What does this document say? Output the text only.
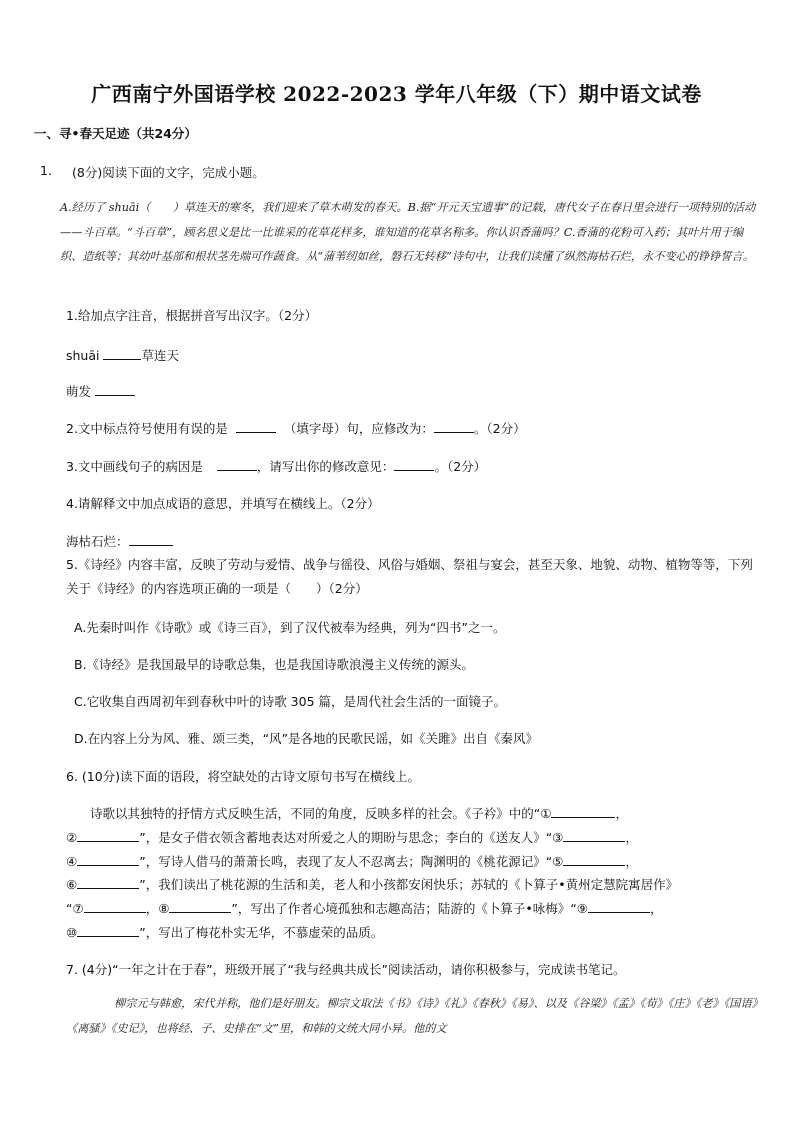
广西南宁外国语学校 2022-2023 学年八年级（下）期中语文试卷
一、寻•春天足迹（共24分）
1. (8分)阅读下面的文字，完成小题。
A.经历了 shuāi（　　）草连天的寒冬，我们迎来了草木萌发的春天。B.据“开元天宝遗事”的记载，唐代女子在春日里会进行一项特别的活动——斗百草。“斗百草”，顾名思义是比一比谁采的花草花样多，谁知道的花草名称多。你认识香蒲吗？C.香蒲的花粉可入药；其叶片用于编织、造纸等；其幼叶基部和根状茎先端可作蔬食。从“蒲苇纫如丝，磐石无转移”诗句中，让我们读懂了纵然海枯石烂，永不变心的铮铮誓言。
1.给加点字注音，根据拼音写出汉字。（2分）
shuāi	草连天
萌发
2.文中标点符号使用有误的是	（填字母）句，应修改为：	。（2分）
3.文中画线句子的病因是	，请写出你的修改意见：	。（2分）
4.请解释文中加点成语的意思，并填写在横线上。（2分）
海枯石烂：
5.《诗经》内容丰富，反映了劳动与爱情、战争与徭役、风俗与婚姻、祭祖与宴会，甚至天象、地貌、动物、植物等等，下列关于《诗经》的内容选项正确的一项是（　　）（2分）
A.先秦时叫作《诗歌》或《诗三百》，到了汉代被奉为经典，列为“四书”之一。
B.《诗经》是我国最早的诗歌总集，也是我国诗歌浪漫主义传统的源头。
C.它收集自西周初年到春秋中叶的诗歌 305 篇，是周代社会生活的一面镜子。
D.在内容上分为风、雅、颂三类，“风”是各地的民歌民谣，如《关雎》出自《秦风》
6. (10分)读下面的语段，将空缺处的古诗文原句书写在横线上。
诗歌以其独特的抒情方式反映生活，不同的角度，反映多样的社会。《子衿》中的“①	，
②	”，是女子借衣领含蓄地表达对所爱之人的期盼与思念；李白的《送友人》“③	，
④	”，写诗人借马的萧萧长鸣，表现了友人不忍离去；陶渊明的《桃花源记》“⑤	，
⑥	”，我们读出了桃花源的生活和美，老人和小孩都安闲快乐；苏轼的《卜算子•黄州定慧院寓居作》
“⑦	，⑧	”，写出了作者心境孤独和志趣高洁；陆游的《卜算子•咏梅》“⑨	，
⑩	”，写出了梅花朴实无华，不慕虚荣的品质。
7. (4分)“一年之计在于春”，班级开展了“我与经典共成长”阅读活动，请你积极参与，完成读书笔记。
柳宗元与韩愈，宋代并称，他们是好朋友。柳宗文取法《书》《诗》《礼》《春秋》《易》、以及《谷梁》《孟》《荀》《庄》《老》《国语》《离骚》《史记》，也将经、子、史排在“文”里，和韩的文统大同小异。他的文
